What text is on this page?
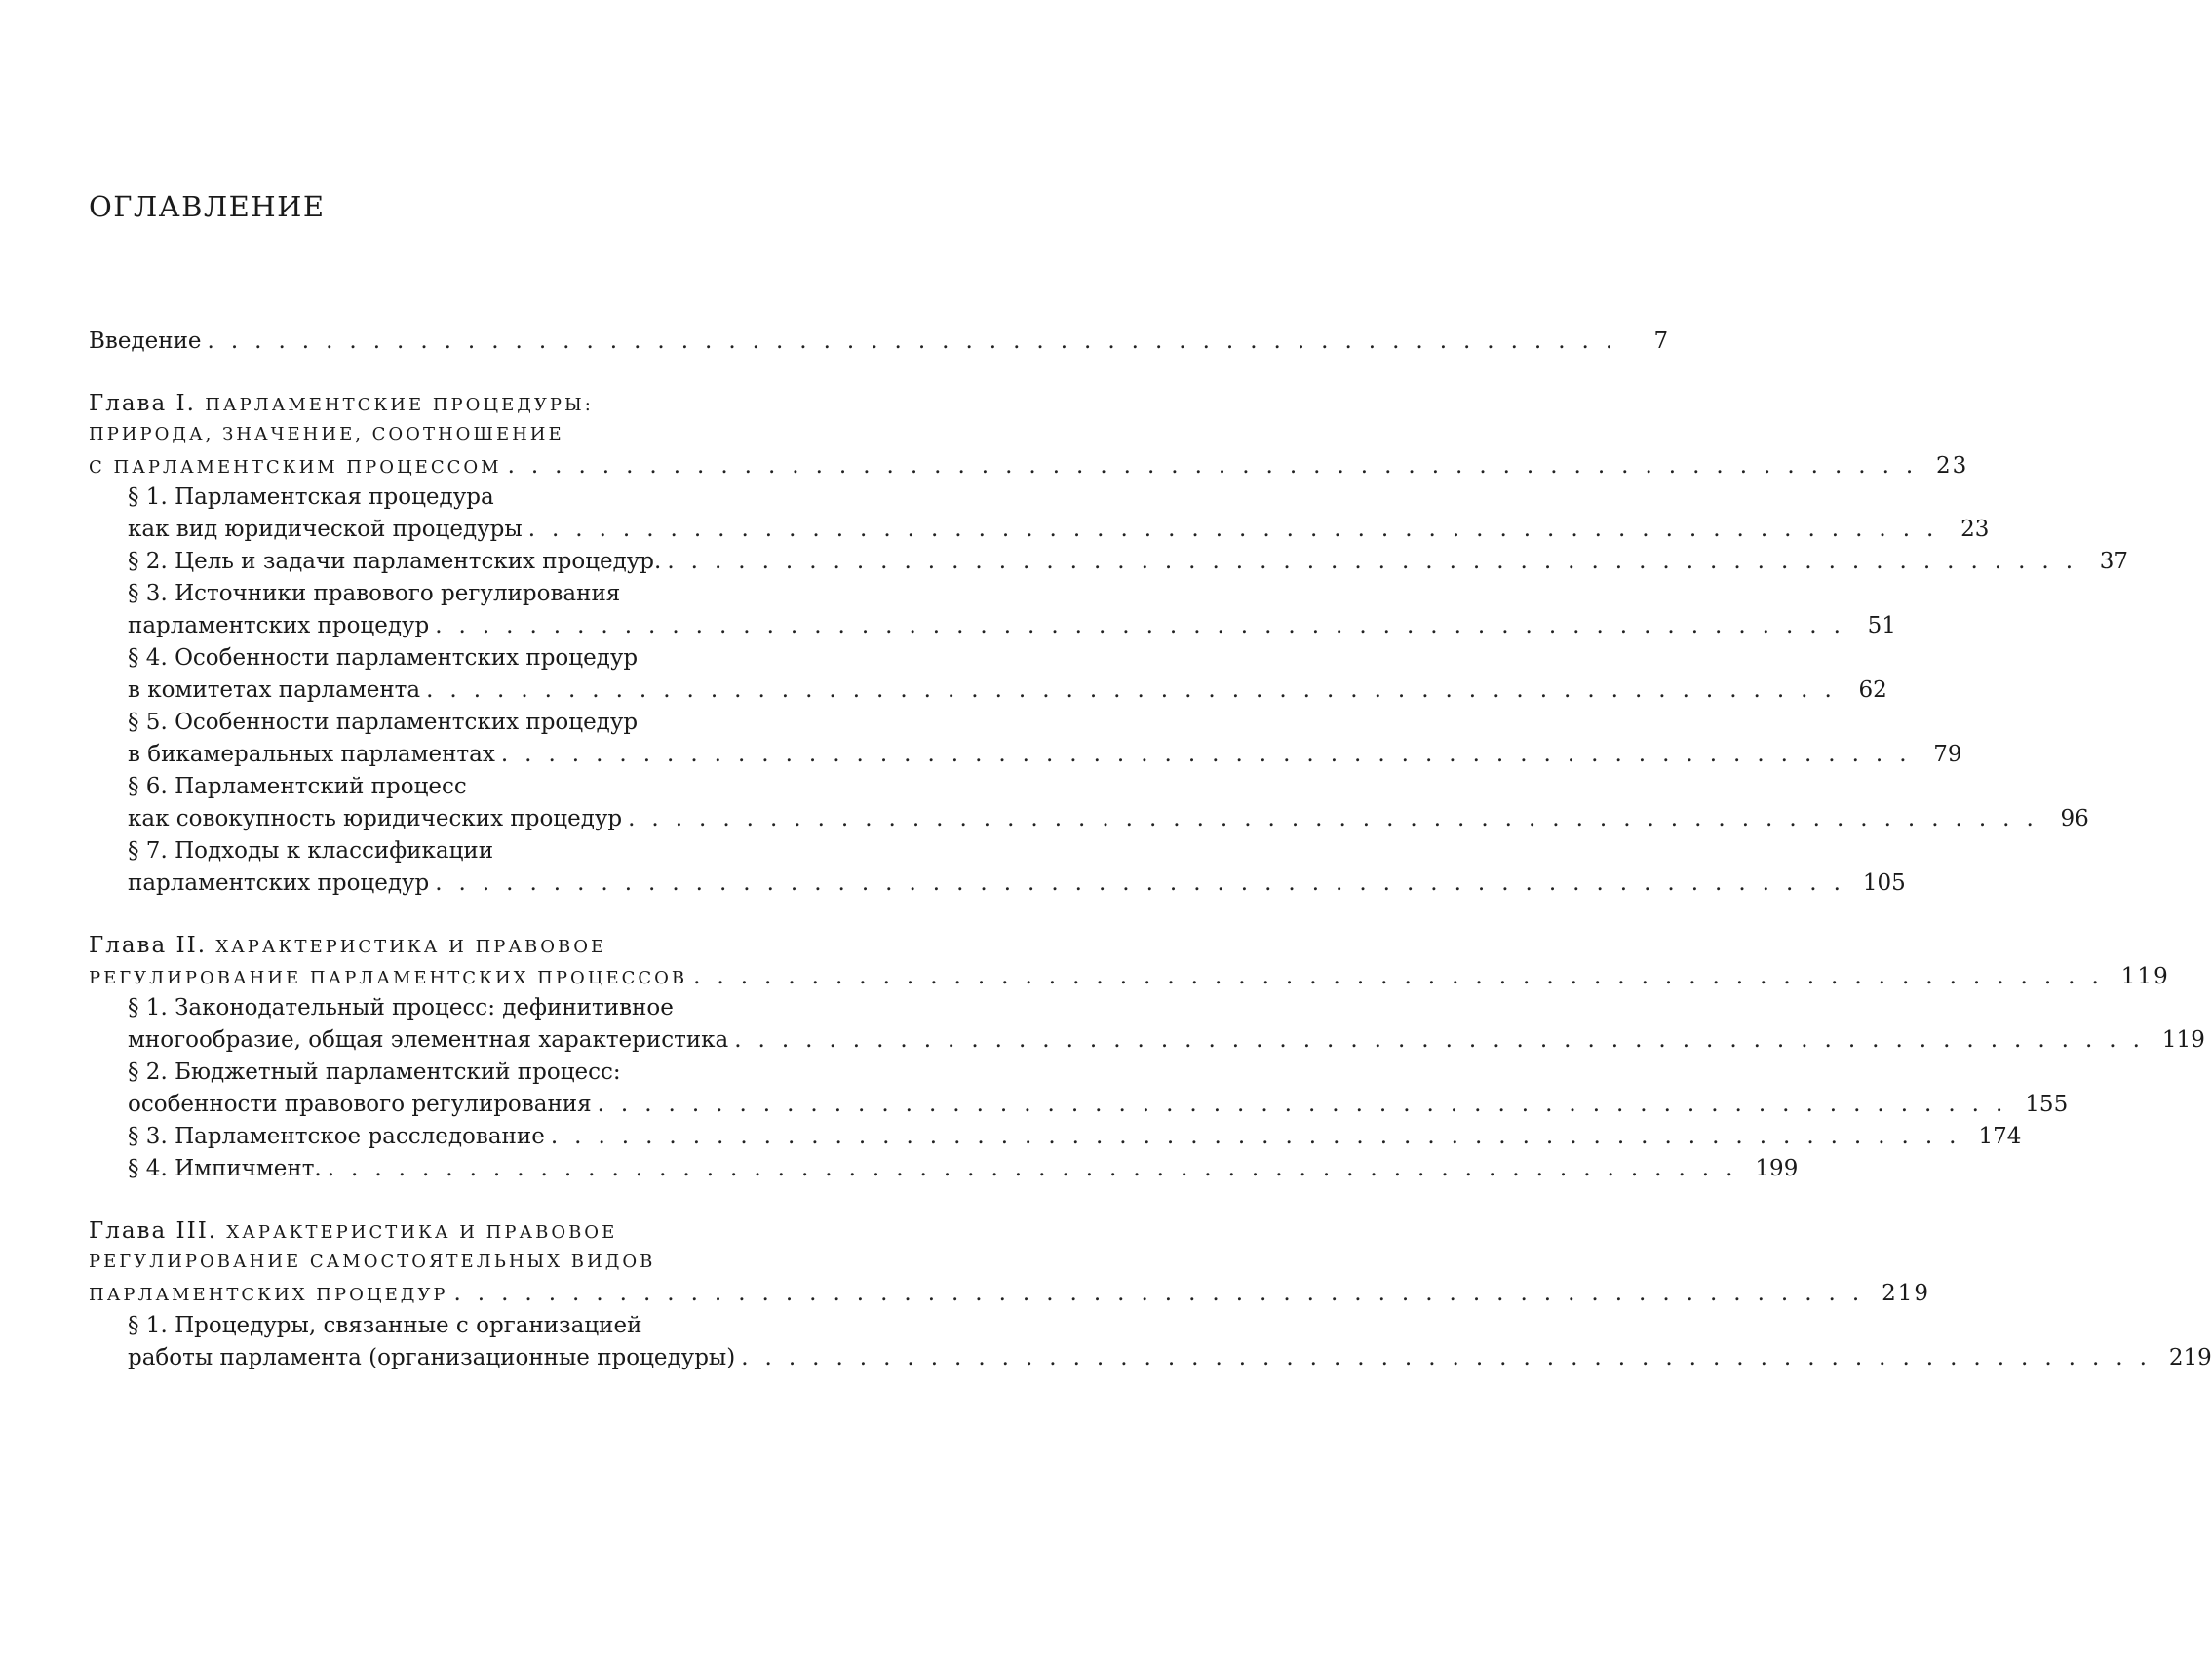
ОГЛАВЛЕНИЕ
Введение ............................................................	7
Глава I.
ПАРЛАМЕНТСКИЕ ПРОЦЕДУРЫ:
ПРИРОДА, ЗНАЧЕНИЕ, СООТНОШЕНИЕ
С ПАРЛАМЕНТСКИМ ПРОЦЕССОМ ............................................................ 23
§ 1. Парламентская процедура
как вид юридической процедуры ............................................................ 23
§ 2. Цель и задачи парламентских процедур. ............................................................ 37
§ 3. Источники правового регулирования
парламентских процедур ............................................................ 51
§ 4. Особенности парламентских процедур
в комитетах парламента ............................................................ 62
§ 5. Особенности парламентских процедур
в бикамеральных парламентах ............................................................ 79
§ 6. Парламентский процесс
как совокупность юридических процедур ............................................................ 96
§ 7. Подходы к классификации
парламентских процедур ............................................................ 105
Глава II.
ХАРАКТЕРИСТИКА И ПРАВОВОЕ
РЕГУЛИРОВАНИЕ ПАРЛАМЕНТСКИХ ПРОЦЕССОВ ............................................................ 119
§ 1. Законодательный процесс: дефинитивное
многообразие, общая элементная характеристика ............................................................ 119
§ 2. Бюджетный парламентский процесс:
особенности правового регулирования ............................................................ 155
§ 3. Парламентское расследование ............................................................ 174
§ 4. Импичмент. ............................................................ 199
Глава III.
ХАРАКТЕРИСТИКА И ПРАВОВОЕ
РЕГУЛИРОВАНИЕ САМОСТОЯТЕЛЬНЫХ ВИДОВ
ПАРЛАМЕНТСКИХ ПРОЦЕДУР ............................................................ 219
§ 1. Процедуры, связанные с организацией
работы парламента (организационные процедуры) ............................................................ 219
